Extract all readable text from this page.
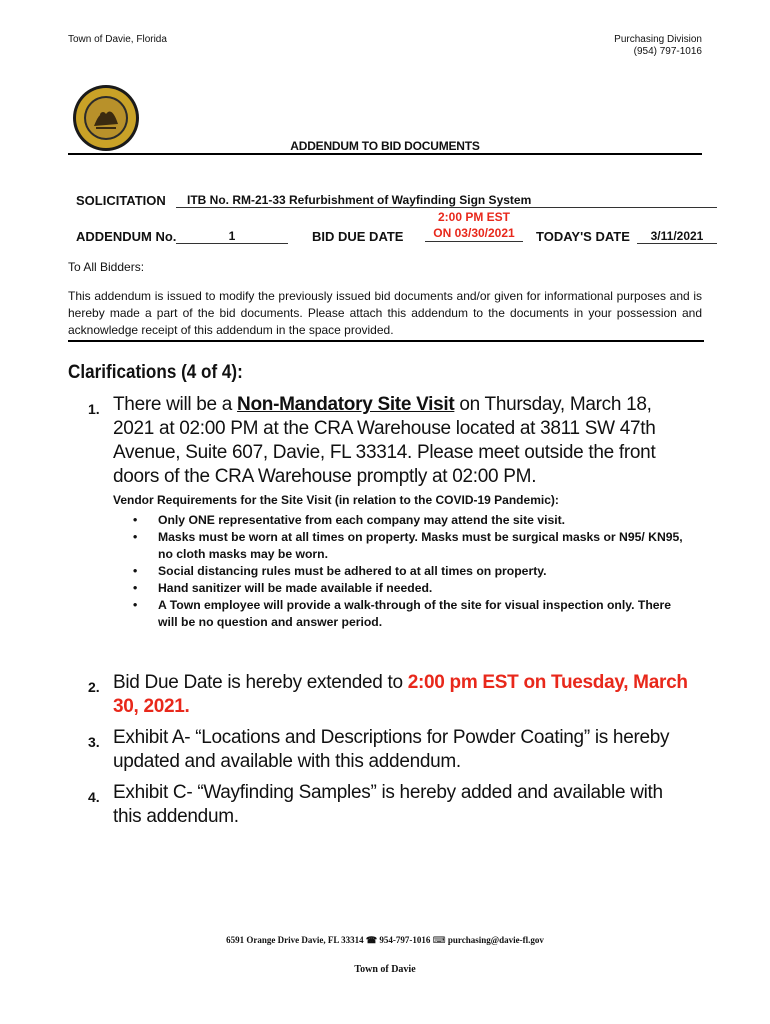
Town of Davie, Florida	Purchasing Division
(954) 797-1016
ADDENDUM TO BID DOCUMENTS
SOLICITATION	ITB No. RM-21-33 Refurbishment of Wayfinding Sign System
ADDENDUM No.	1	BID DUE DATE
2:00 PM EST
ON 03/30/2021	TODAY'S DATE	3/11/2021
To All Bidders:
This addendum is issued to modify the previously issued bid documents and/or given for informational purposes and is hereby made a part of the bid documents. Please attach this addendum to the documents in your possession and acknowledge receipt of this addendum in the space provided.
Clarifications (4 of 4):
1. There will be a Non-Mandatory Site Visit on Thursday, March 18, 2021 at 02:00 PM at the CRA Warehouse located at 3811 SW 47th Avenue, Suite 607, Davie, FL 33314. Please meet outside the front doors of the CRA Warehouse promptly at 02:00 PM.
Vendor Requirements for the Site Visit (in relation to the COVID-19 Pandemic):
• Only ONE representative from each company may attend the site visit.
• Masks must be worn at all times on property. Masks must be surgical masks or N95/ KN95, no cloth masks may be worn.
• Social distancing rules must be adhered to at all times on property.
• Hand sanitizer will be made available if needed.
• A Town employee will provide a walk-through of the site for visual inspection only. There will be no question and answer period.
2. Bid Due Date is hereby extended to 2:00 pm EST on Tuesday, March 30, 2021.
3. Exhibit A- “Locations and Descriptions for Powder Coating” is hereby updated and available with this addendum.
4. Exhibit C- “Wayfinding Samples” is hereby added and available with this addendum.
6591 Orange Drive Davie, FL 33314 ☎ 954-797-1016 ⌨ purchasing@davie-fl.gov
Town of Davie
